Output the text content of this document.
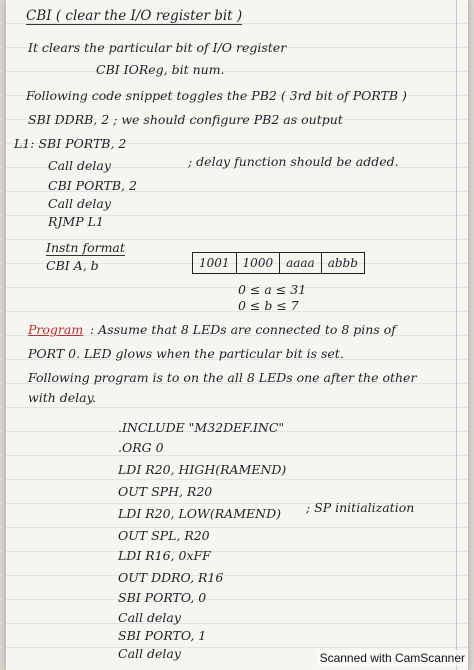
CBI ( clear the I/O register bit )
It clears the particular bit of I/O register
CBI IOReg, bit num.
Following code snippet toggles the PB2 ( 3rd bit of PORTB )
SBI DDRB, 2 ; we should configure PB2 as output
L1: SBI PORTB, 2
Call delay	; delay function should be added.
CBI PORTB, 2
Call delay
RJMP L1
Instn format
CBI A, b	1001	1000	aaaa	abbb
0 ≤ a ≤ 31
0 ≤ b ≤ 7
Program : Assume that 8 LEDs are connected to 8 pins of
PORT 0. LED glows when the particular bit is set.
Following program is to on the all 8 LEDs one after the other
with delay.
.INCLUDE "M32DEF.INC"
.ORG 0
LDI R20, HIGH(RAMEND)
OUT SPH, R20
LDI R20, LOW(RAMEND) ; SP initialization
OUT SPL, R20
LDI R16, 0xFF
OUT DDRO, R16
SBI PORTO, 0
Call delay
SBI PORTO, 1
Call delay	Scanned with CamScanner
